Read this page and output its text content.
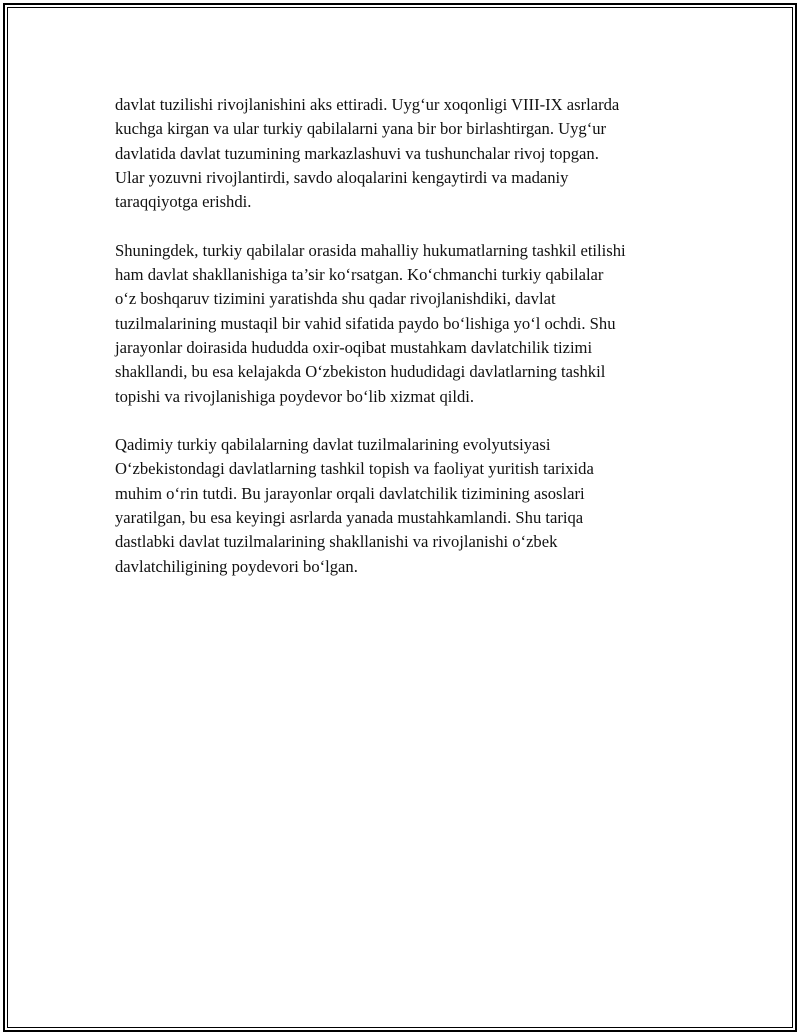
davlat tuzilishi rivojlanishini aks ettiradi. Uyg‘ur xoqonligi VIII-IX asrlarda
kuchga kirgan va ular turkiy qabilalarni yana bir bor birlashtirgan. Uyg‘ur
davlatida davlat tuzumining markazlashuvi va tushunchalar rivoj topgan.
Ular yozuvni rivojlantirdi, savdo aloqalarini kengaytirdi va madaniy
taraqqiyotga erishdi.

Shuningdek, turkiy qabilalar orasida mahalliy hukumatlarning tashkil etilishi
ham davlat shakllanishiga ta’sir ko‘rsatgan. Ko‘chmanchi turkiy qabilalar
o‘z boshqaruv tizimini yaratishda shu qadar rivojlanishdiki, davlat
tuzilmalarining mustaqil bir vahid sifatida paydo bo‘lishiga yo‘l ochdi. Shu
jarayonlar doirasida hududda oxir-oqibat mustahkam davlatchilik tizimi
shakllandi, bu esa kelajakda O‘zbekiston hududidagi davlatlarning tashkil
topishi va rivojlanishiga poydevor bo‘lib xizmat qildi.

Qadimiy turkiy qabilalarning davlat tuzilmalarining evolyutsiyasi
O‘zbekistondagi davlatlarning tashkil topish va faoliyat yuritish tarixida
muhim o‘rin tutdi. Bu jarayonlar orqali davlatchilik tizimining asoslari
yaratilgan, bu esa keyingi asrlarda yanada mustahkamlandi. Shu tariqa
dastlabki davlat tuzilmalarining shakllanishi va rivojlanishi o‘zbek
davlatchiligining poydevori bo‘lgan.
